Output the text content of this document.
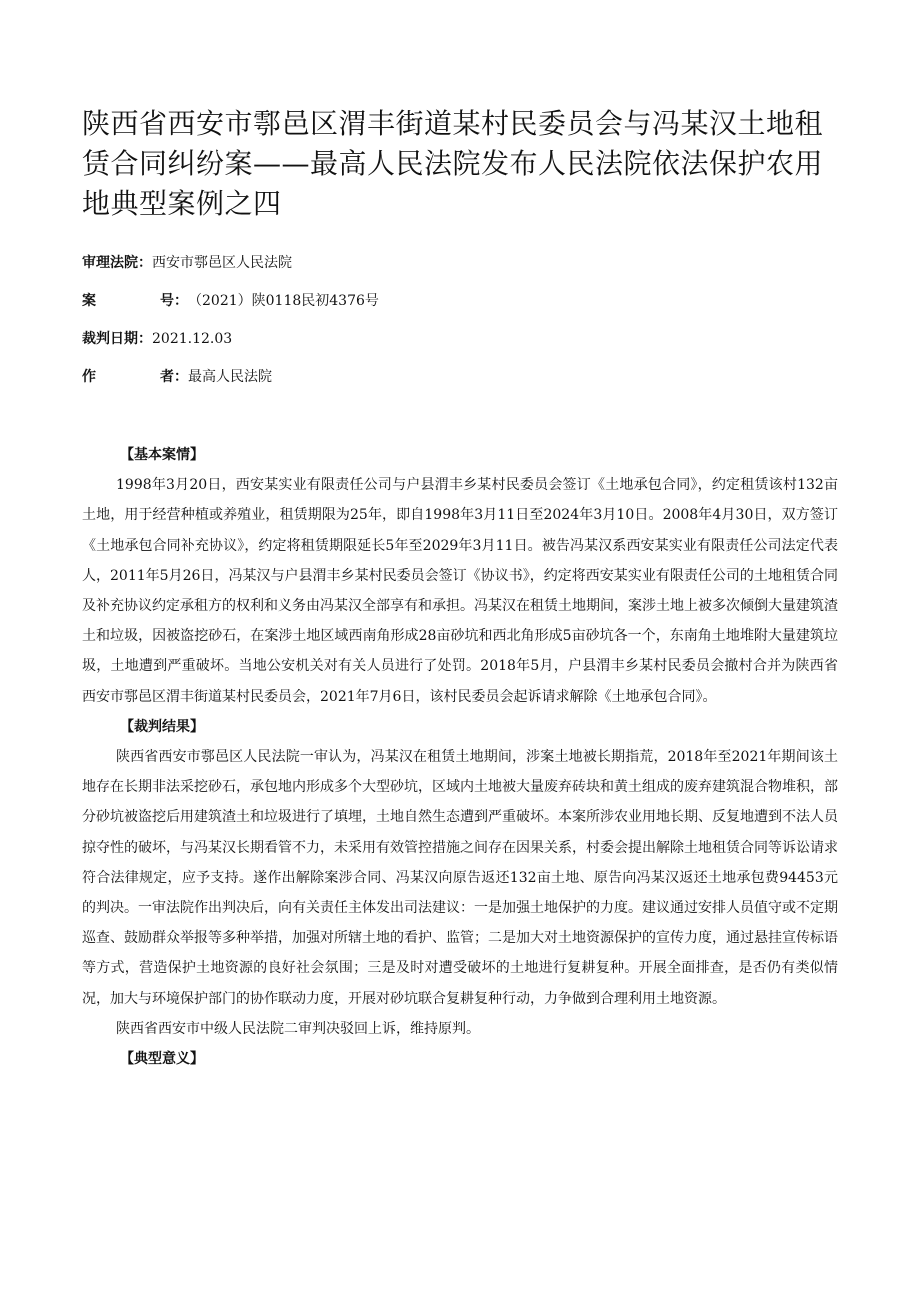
陕西省西安市鄠邑区渭丰街道某村民委员会与冯某汉土地租赁合同纠纷案——最高人民法院发布人民法院依法保护农用地典型案例之四
审理法院： 西安市鄠邑区人民法院
案	号： （2021）陕0118民初4376号
裁判日期： 2021.12.03
作	者： 最高人民法院
【基本案情】

1998年3月20日，西安某实业有限责任公司与户县渭丰乡某村民委员会签订《土地承包合同》，约定租赁该村132亩土地，用于经营种植或养殖业，租赁期限为25年，即自1998年3月11日至2024年3月10日。2008年4月30日，双方签订《土地承包合同补充协议》，约定将租赁期限延长5年至2029年3月11日。被告冯某汉系西安某实业有限责任公司法定代表人，2011年5月26日，冯某汉与户县渭丰乡某村民委员会签订《协议书》，约定将西安某实业有限责任公司的土地租赁合同及补充协议约定承租方的权利和义务由冯某汉全部享有和承担。冯某汉在租赁土地期间，案涉土地上被多次倾倒大量建筑渣土和垃圾，因被盗挖砂石，在案涉土地区域西南角形成28亩砂坑和西北角形成5亩砂坑各一个，东南角土地堆附大量建筑垃圾，土地遭到严重破坏。当地公安机关对有关人员进行了处罚。2018年5月，户县渭丰乡某村民委员会撤村合并为陕西省西安市鄠邑区渭丰街道某村民委员会，2021年7月6日，该村民委员会起诉请求解除《土地承包合同》。

【裁判结果】

陕西省西安市鄠邑区人民法院一审认为，冯某汉在租赁土地期间，涉案土地被长期指荒，2018年至2021年期间该土地存在长期非法采挖砂石，承包地内形成多个大型砂坑，区域内土地被大量废弃砖块和黄土组成的废弃建筑混合物堆积，部分砂坑被盗挖后用建筑渣土和垃圾进行了填埋，土地自然生态遭到严重破坏。本案所涉农业用地长期、反复地遭到不法人员掠夺性的破坏，与冯某汉长期看管不力，未采用有效管控措施之间存在因果关系，村委会提出解除土地租赁合同等诉讼请求符合法律规定，应予支持。遂作出解除案涉合同、冯某汉向原告返还132亩土地、原告向冯某汉返还土地承包费94453元的判决。一审法院作出判决后，向有关责任主体发出司法建议：一是加强土地保护的力度。建议通过安排人员值守或不定期巡查、鼓励群众举报等多种举措，加强对所辖土地的看护、监管；二是加大对土地资源保护的宣传力度，通过悬挂宣传标语等方式，营造保护土地资源的良好社会氛围；三是及时对遭受破坏的土地进行复耕复种。开展全面排查，是否仍有类似情况，加大与环境保护部门的协作联动力度，开展对砂坑联合复耕复种行动，力争做到合理利用土地资源。

陕西省西安市中级人民法院二审判决驳回上诉，维持原判。

【典型意义】
